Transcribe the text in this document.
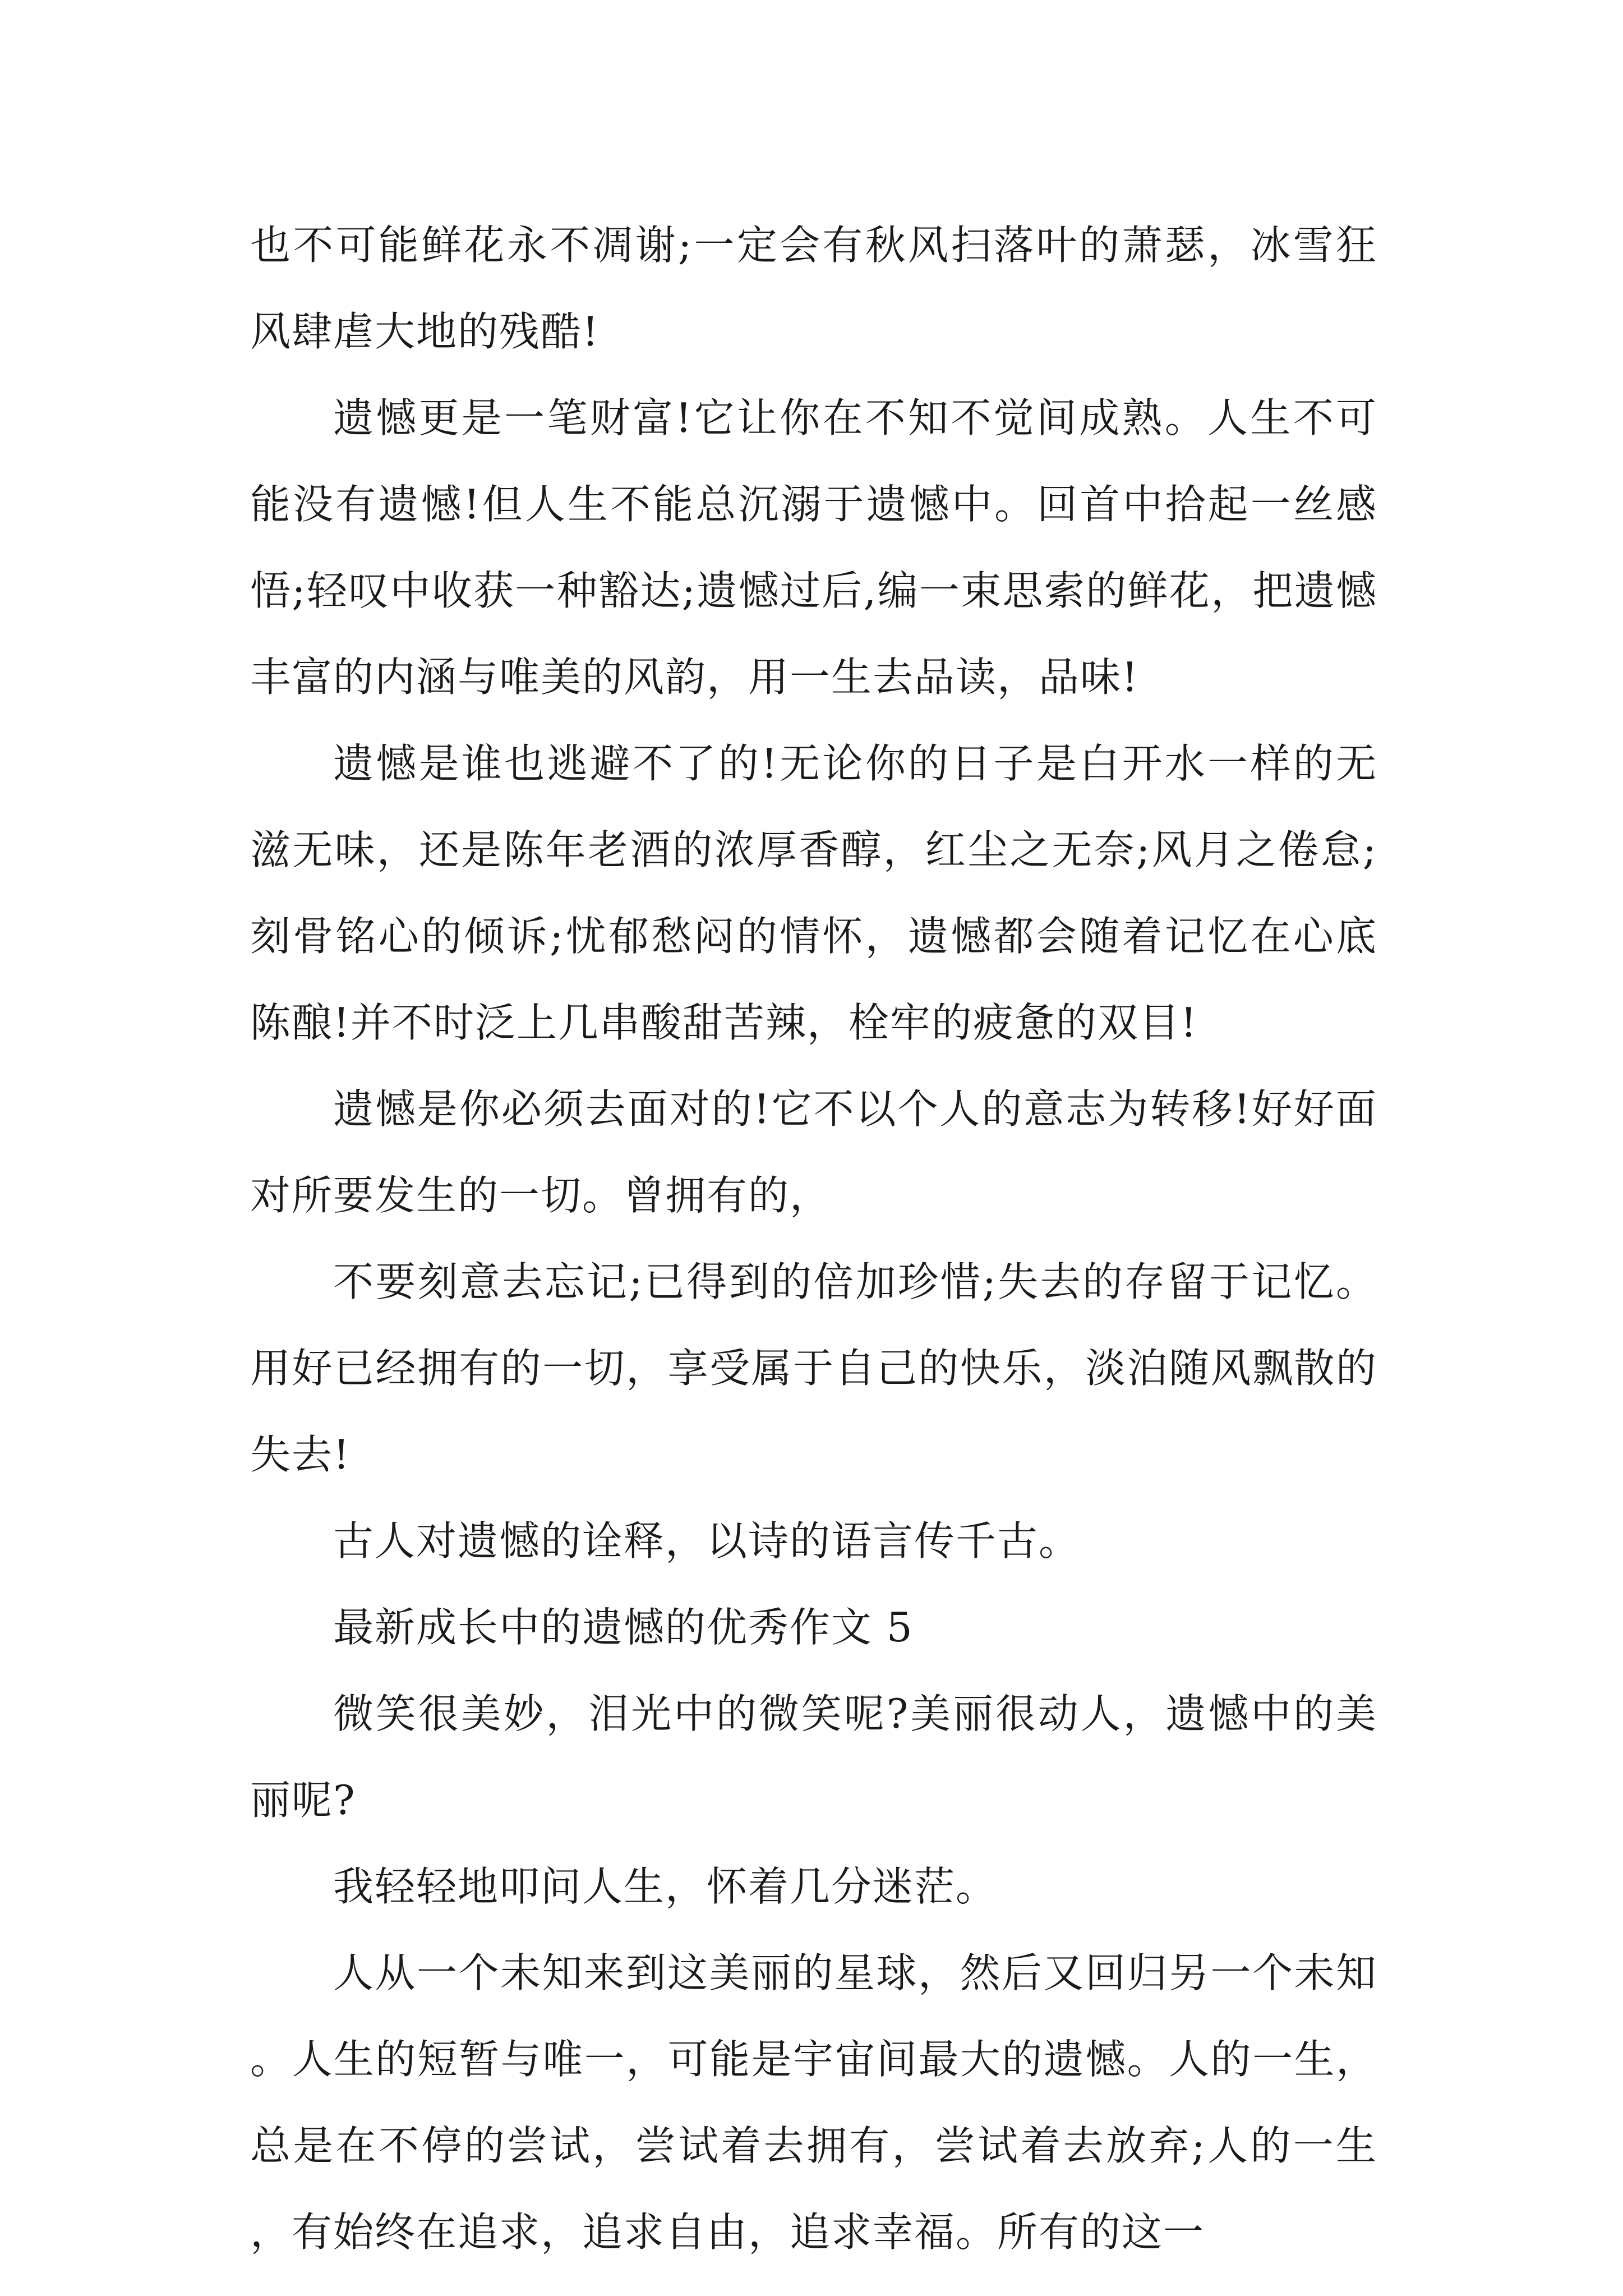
也不可能鲜花永不凋谢;一定会有秋风扫落叶的萧瑟，冰雪狂风肆虐大地的残酷!

遗憾更是一笔财富!它让你在不知不觉间成熟。人生不可能没有遗憾!但人生不能总沉溺于遗憾中。回首中拾起一丝感悟;轻叹中收获一种豁达;遗憾过后,编一束思索的鲜花，把遗憾丰富的内涵与唯美的风韵，用一生去品读，品味!

遗憾是谁也逃避不了的!无论你的日子是白开水一样的无滋无味，还是陈年老酒的浓厚香醇，红尘之无奈;风月之倦怠;刻骨铭心的倾诉;忧郁愁闷的情怀，遗憾都会随着记忆在心底陈酿!并不时泛上几串酸甜苦辣，栓牢的疲惫的双目!

遗憾是你必须去面对的!它不以个人的意志为转移!好好面对所要发生的一切。曾拥有的，

不要刻意去忘记;已得到的倍加珍惜;失去的存留于记忆。用好已经拥有的一切，享受属于自己的快乐，淡泊随风飘散的失去!

古人对遗憾的诠释，以诗的语言传千古。

最新成长中的遗憾的优秀作文 5

微笑很美妙，泪光中的微笑呢?美丽很动人，遗憾中的美丽呢?

我轻轻地叩问人生，怀着几分迷茫。

人从一个未知来到这美丽的星球，然后又回归另一个未知。人生的短暂与唯一，可能是宇宙间最大的遗憾。人的一生，总是在不停的尝试，尝试着去拥有，尝试着去放弃;人的一生，有始终在追求，追求自由，追求幸福。所有的这一
